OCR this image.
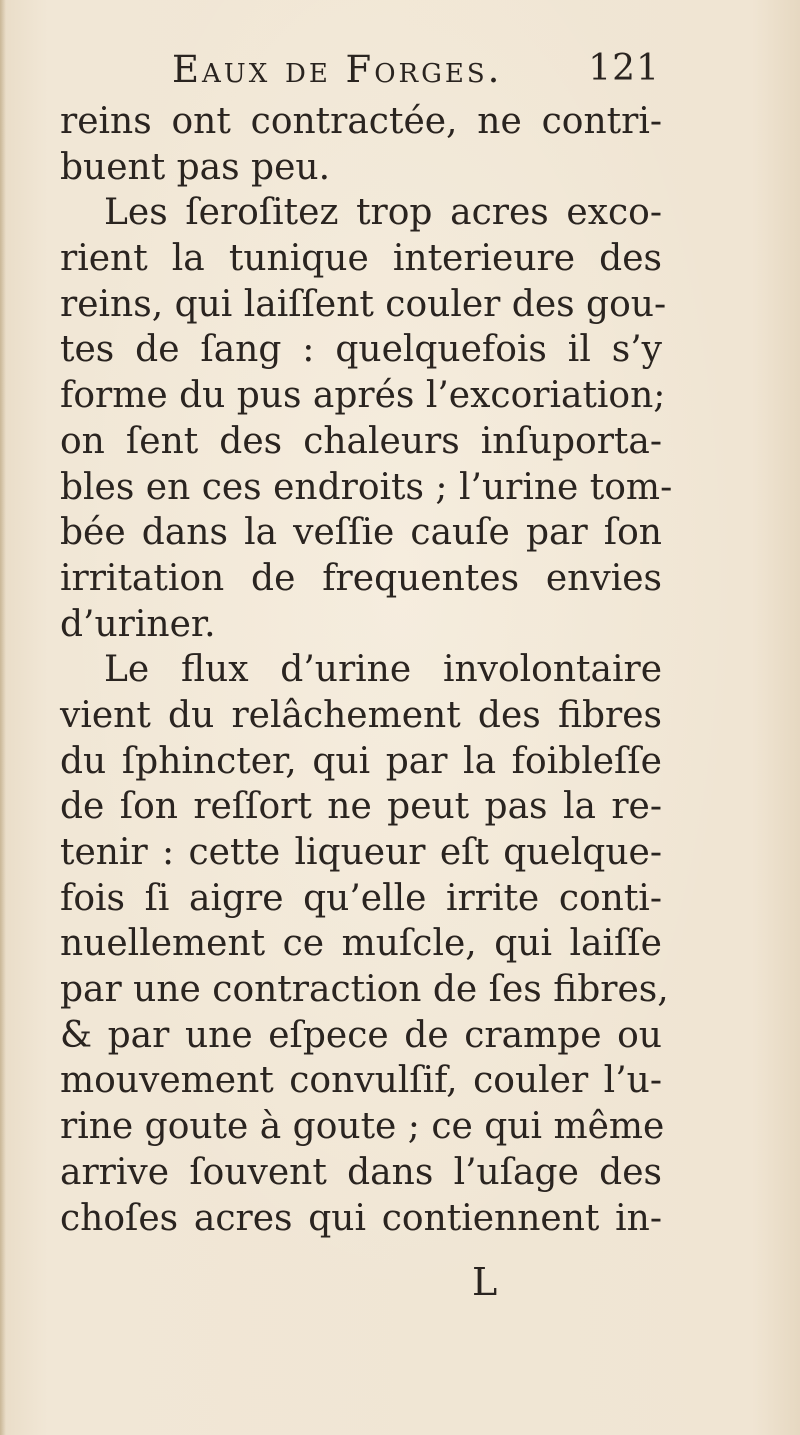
Eaux de Forges. 121
reins ont contractée, ne contri-
buent pas peu.
Les ſeroſitez trop acres exco-
rient la tunique interieure des
reins, qui laiſſent couler des gou-
tes de ſang : quelquefois il s’y
forme du pus aprés l’excoriation;
on ſent des chaleurs inſuporta-
bles en ces endroits ; l’urine tom-
bée dans la veſſie cauſe par ſon
irritation de frequentes envies
d’uriner.
Le flux d’urine involontaire
vient du relâchement des fibres
du ſphincter, qui par la foibleſſe
de ſon reſſort ne peut pas la re-
tenir : cette liqueur eſt quelque-
fois ſi aigre qu’elle irrite conti-
nuellement ce muſcle, qui laiſſe
par une contraction de ſes fibres,
& par une eſpece de crampe ou
mouvement convulſif, couler l’u-
rine goute à goute ; ce qui même
arrive ſouvent dans l’uſage des
choſes acres qui contiennent in-
L
